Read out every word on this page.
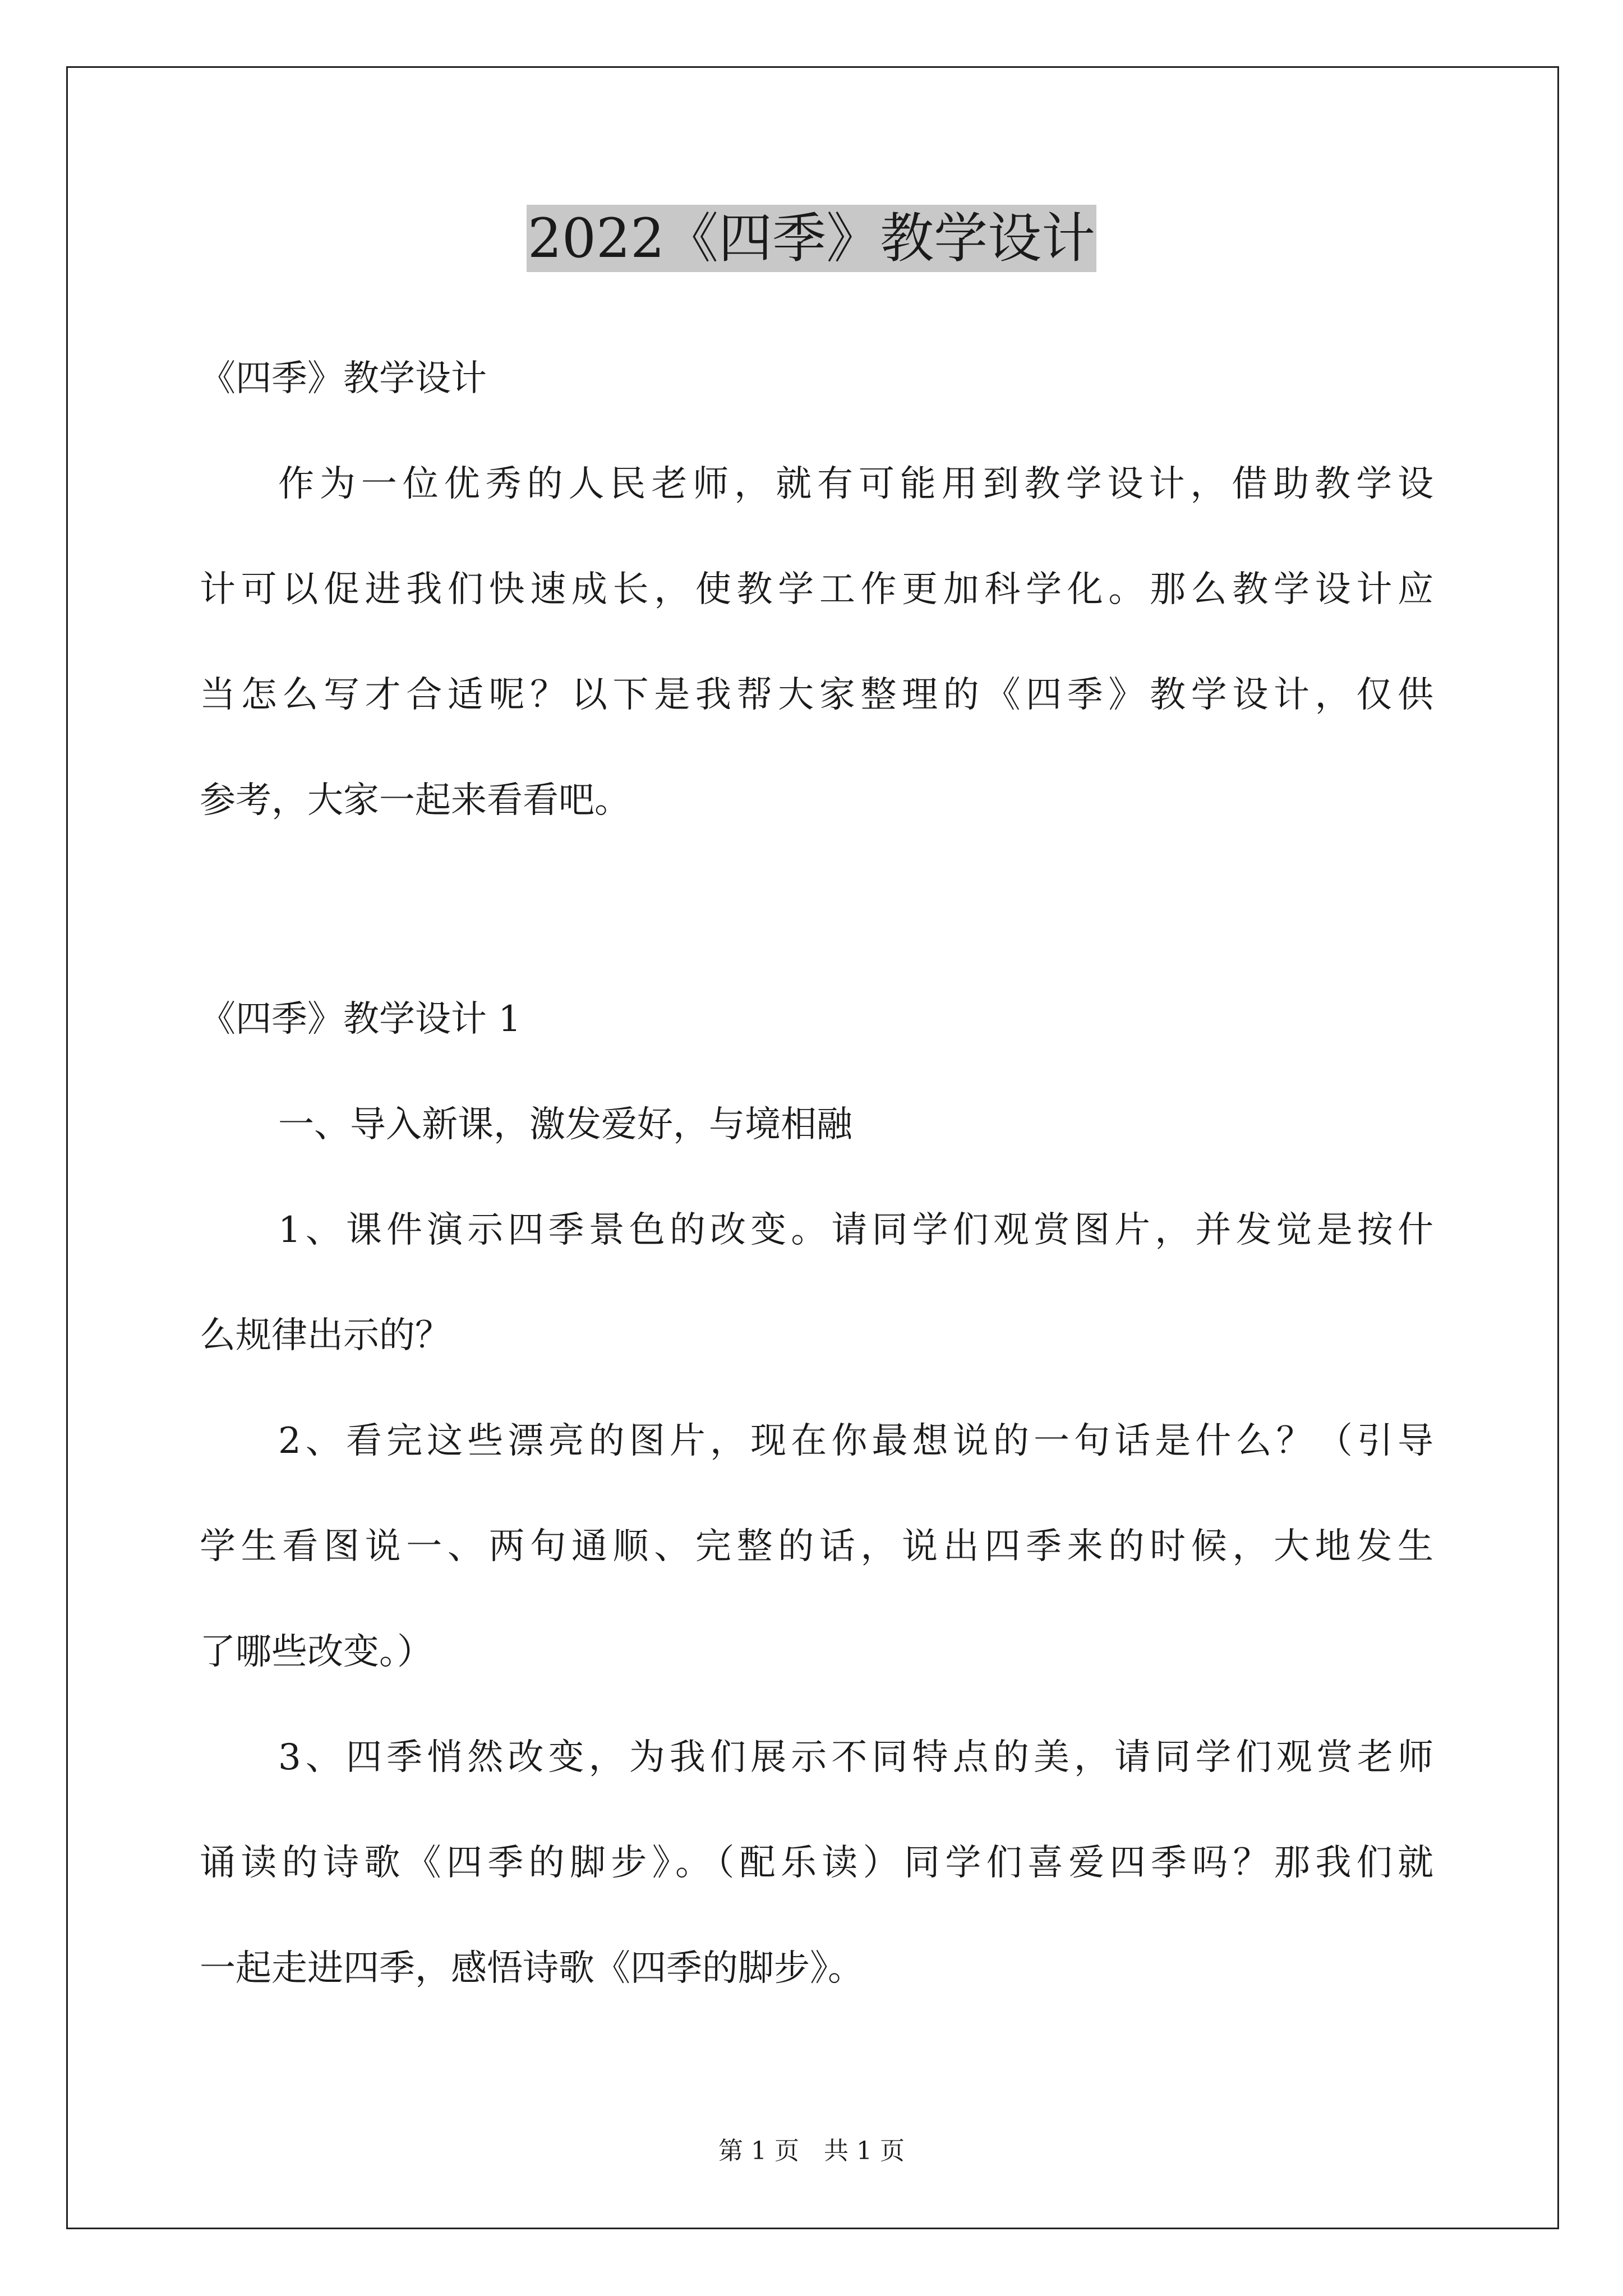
2022《四季》教学设计

《四季》教学设计

作为一位优秀的人民老师，就有可能用到教学设计，借助教学设

计可以促进我们快速成长，使教学工作更加科学化。那么教学设计应

当怎么写才合适呢？以下是我帮大家整理的《四季》教学设计，仅供

参考，大家一起来看看吧。

《四季》教学设计 1

一、导入新课，激发爱好，与境相融

1、课件演示四季景色的改变。请同学们观赏图片，并发觉是按什

么规律出示的？

2、看完这些漂亮的图片，现在你最想说的一句话是什么？（引导

学生看图说一、两句通顺、完整的话，说出四季来的时候，大地发生

了哪些改变。）

3、四季悄然改变，为我们展示不同特点的美，请同学们观赏老师

诵读的诗歌《四季的脚步》。（配乐读）同学们喜爱四季吗？那我们就

一起走进四季，感悟诗歌《四季的脚步》。

第 1 页　共 1 页
